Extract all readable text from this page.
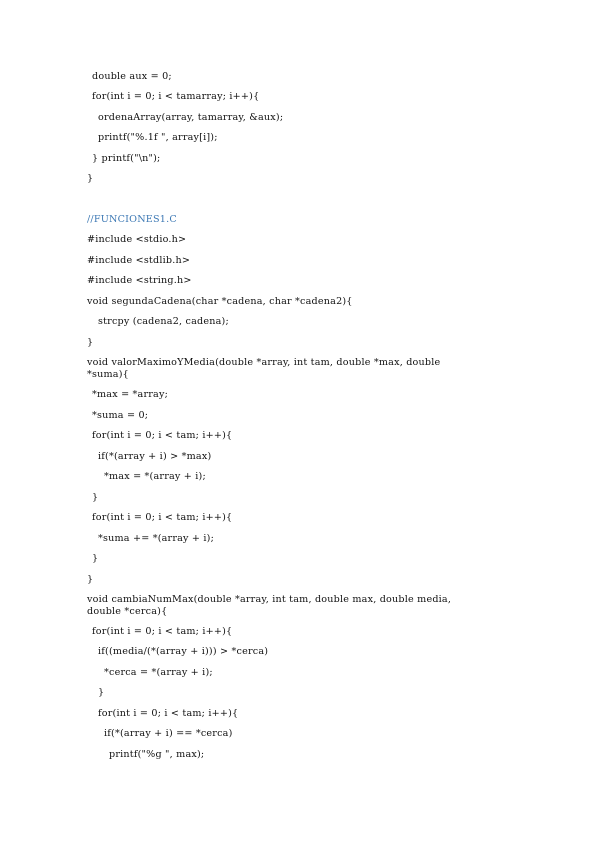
double aux = 0;
for(int i = 0; i < tamarray; i++){
ordenaArray(array, tamarray, &aux);
printf("%.1f ", array[i]);
} printf("\n");
}
//FUNCIONES1.C
#include <stdio.h>
#include <stdlib.h>
#include <string.h>
void segundaCadena(char *cadena, char *cadena2){
strcpy (cadena2, cadena);
}
void valorMaximoYMedia(double *array, int tam, double *max, double
*suma){
*max = *array;
*suma = 0;
for(int i = 0; i < tam; i++){
if(*(array + i) > *max)
*max = *(array + i);
}
for(int i = 0; i < tam; i++){
*suma += *(array + i);
}
}
void cambiaNumMax(double *array, int tam, double max, double media,
double *cerca){
for(int i = 0; i < tam; i++){
if((media/(*(array + i))) > *cerca)
*cerca = *(array + i);
}
for(int i = 0; i < tam; i++){
if(*(array + i) == *cerca)
printf("%g ", max);
